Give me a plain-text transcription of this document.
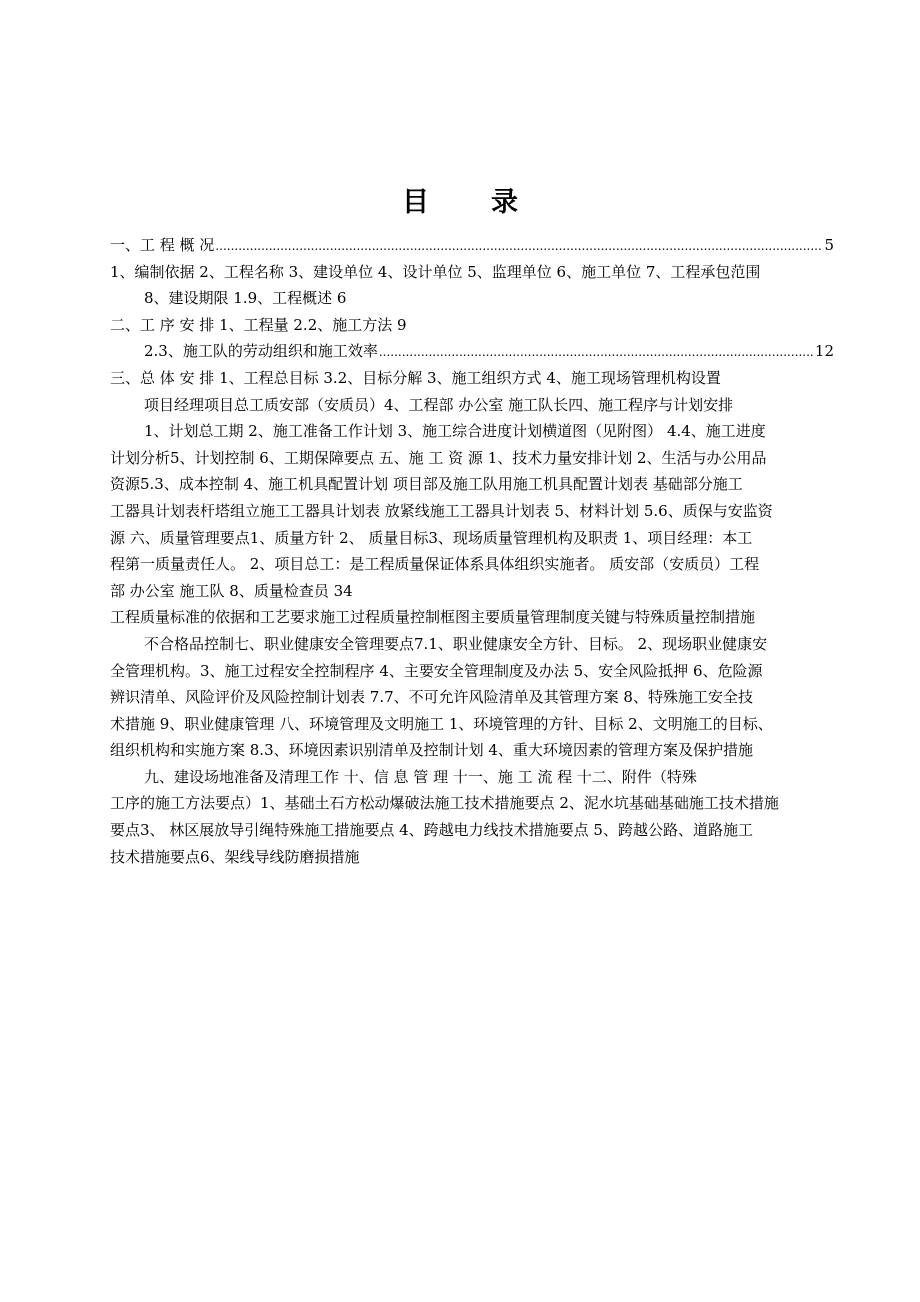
目 录
一、工 程 概 况 .....	5
1、编制依据 2、工程名称 3、建设单位 4、设计单位 5、监理单位 6、施工单位 7、工程承包范围
8、建设期限 1.9、工程概述 6
二、工 序 安 排 1、工程量 2.2、施工方法 9
2.3、施工队的劳动组织和施工效率 .....	12
三、总 体 安 排 1、工程总目标 3.2、目标分解 3、施工组织方式 4、施工现场管理机构设置
项目经理项目总工质安部（安质员）4、工程部 办公室 施工队长四、施工程序与计划安排
1、计划总工期 2、施工准备工作计划 3、施工综合进度计划横道图（见附图） 4.4、施工进度
计划分析5、计划控制 6、工期保障要点 五、施 工 资 源 1、技术力量安排计划 2、生活与办公用品
资源5.3、成本控制 4、施工机具配置计划 项目部及施工队用施工机具配置计划表 基础部分施工
工器具计划表杆塔组立施工工器具计划表 放紧线施工工器具计划表 5、材料计划 5.6、质保与安监资
源 六、质量管理要点1、质量方针 2、 质量目标3、现场质量管理机构及职责 1、项目经理：本工
程第一质量责任人。 2、项目总工：是工程质量保证体系具体组织实施者。 质安部（安质员）工程
部 办公室 施工队 8、质量检查员 34
工程质量标准的依据和工艺要求施工过程质量控制框图主要质量管理制度关键与特殊质量控制措施
不合格品控制七、职业健康安全管理要点7.1、职业健康安全方针、目标。 2、现场职业健康安
全管理机构。3、施工过程安全控制程序 4、主要安全管理制度及办法 5、安全风险抵押 6、危险源
辨识清单、风险评价及风险控制计划表 7.7、不可允许风险清单及其管理方案 8、特殊施工安全技
术措施 9、职业健康管理 八、环境管理及文明施工 1、环境管理的方针、目标 2、文明施工的目标、
组织机构和实施方案 8.3、环境因素识别清单及控制计划 4、重大环境因素的管理方案及保护措施
九、建设场地准备及清理工作 十、信 息 管 理 十一、施 工 流 程 十二、附件（特殊
工序的施工方法要点）1、基础土石方松动爆破法施工技术措施要点 2、泥水坑基础基础施工技术措施
要点3、 林区展放导引绳特殊施工措施要点 4、跨越电力线技术措施要点 5、跨越公路、道路施工
技术措施要点6、架线导线防磨损措施
